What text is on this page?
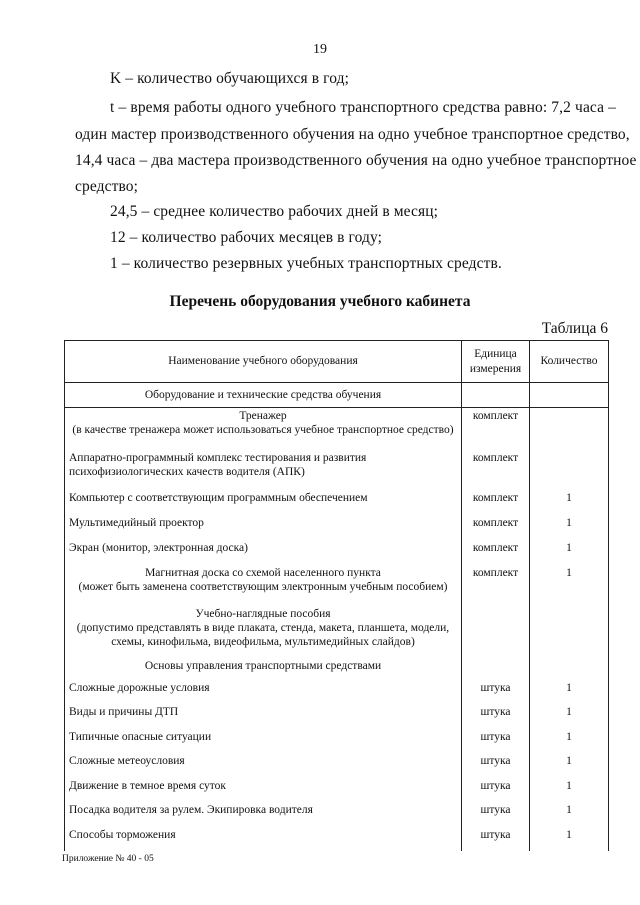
19
K – количество обучающихся в год;
t – время работы одного учебного транспортного средства равно: 7,2 часа –
один мастер производственного обучения на одно учебное транспортное средство,
14,4 часа – два мастера производственного обучения на одно учебное транспортное
средство;
24,5 – среднее количество рабочих дней в месяц;
12 – количество рабочих месяцев в году;
1 – количество резервных учебных транспортных средств.
Перечень оборудования учебного кабинета
Таблица 6
Наименование учебного оборудования	Единица измерения	Количество
Оборудование и технические средства обучения		
Тренажер
(в качестве тренажера может использоваться учебное транспортное средство)	комплект	
Аппаратно-программный комплекс тестирования и развития психофизиологических качеств водителя (АПК)	комплект	
Компьютер с соответствующим программным обеспечением	комплект	1
Мультимедийный проектор	комплект	1
Экран (монитор, электронная доска)	комплект	1
Магнитная доска со схемой населенного пункта
(может быть заменена соответствующим электронным учебным пособием)	комплект	1
Учебно-наглядные пособия
(допустимо представлять в виде плаката, стенда, макета, планшета, модели, схемы, кинофильма, видеофильма, мультимедийных слайдов)		
Основы управления транспортными средствами		
Сложные дорожные условия	штука	1
Виды и причины ДТП	штука	1
Типичные опасные ситуации	штука	1
Сложные метеоусловия	штука	1
Движение в темное время суток	штука	1
Посадка водителя за рулем. Экипировка водителя	штука	1
Способы торможения	штука	1
Приложение № 40 - 05
